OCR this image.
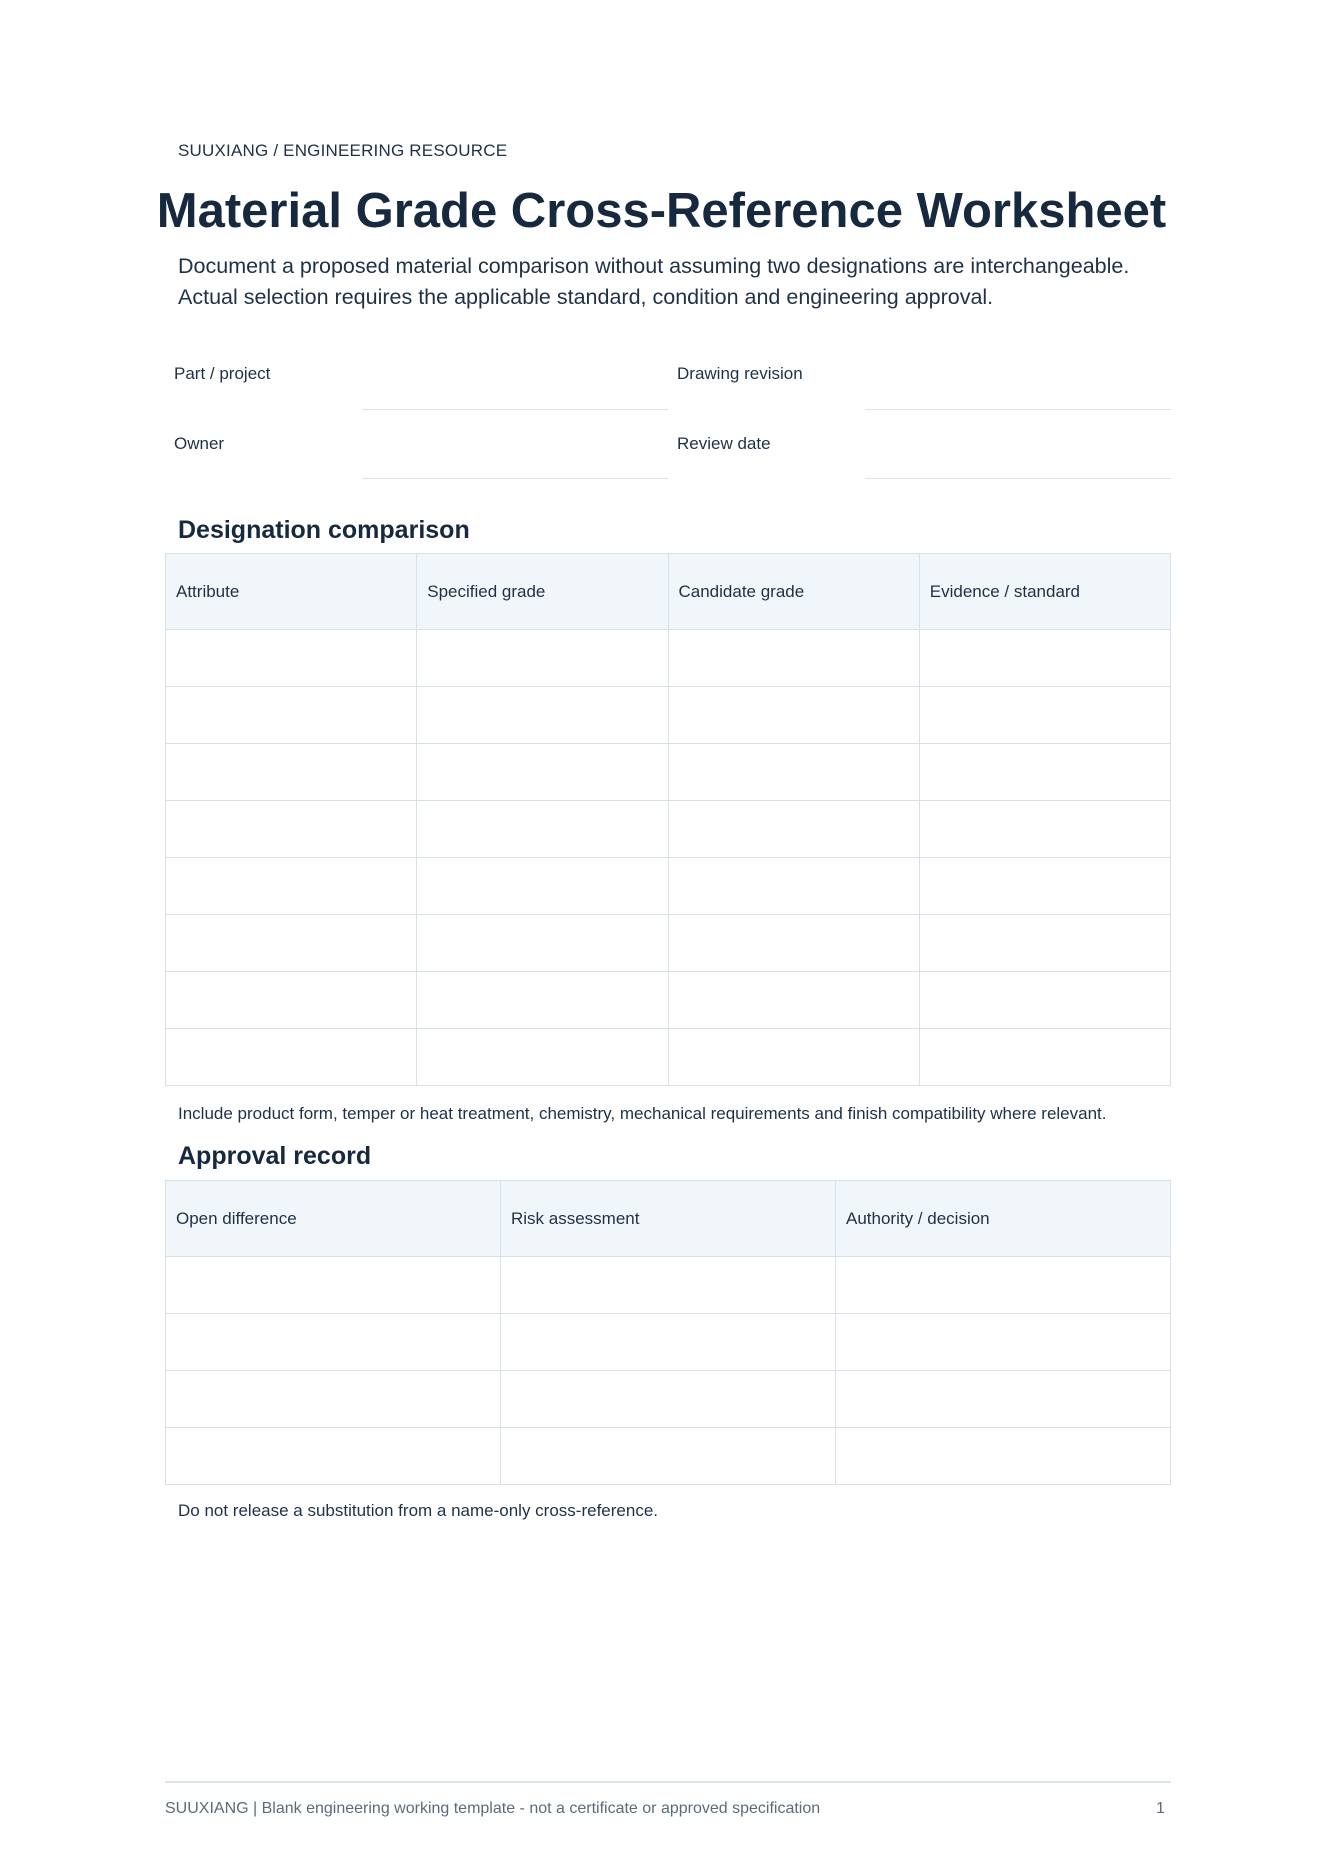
SUUXIANG / ENGINEERING RESOURCE
Material Grade Cross-Reference Worksheet

Document a proposed material comparison without assuming two designations are interchangeable.

Actual selection requires the applicable standard, condition and engineering approval.

Part / project	Drawing revision
Owner	Review date
Designation comparison
Attribute	Specified grade	Candidate grade	Evidence / standard

Include product form, temper or heat treatment, chemistry, mechanical requirements and finish compatibility where relevant.
Approval record
Open difference	Risk assessment	Authority / decision

Do not release a substitution from a name-only cross-reference.
SUUXIANG | Blank engineering working template - not a certificate or approved specification	1
